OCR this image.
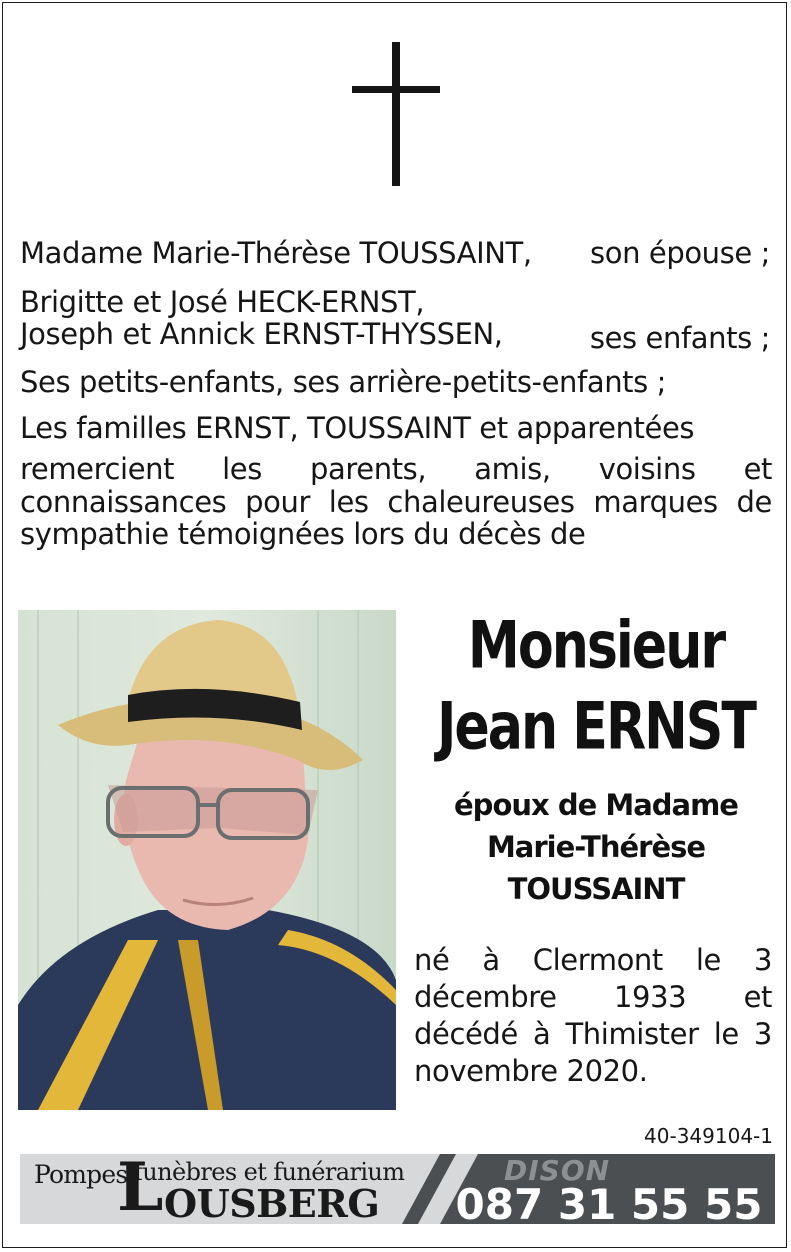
Madame Marie-Thérèse TOUSSAINT, son épouse ;
Brigitte et José HECK-ERNST,
Joseph et Annick ERNST-THYSSEN,	ses enfants ;
Ses petits-enfants, ses arrière-petits-enfants ;
Les familles ERNST, TOUSSAINT et apparentées
remercient les parents, amis, voisins et connaissances pour les chaleureuses marques de sympathie témoignées lors du décès de
Monsieur
Jean ERNST
époux de Madame
Marie-Thérèse
TOUSSAINT
né à Clermont le 3 décembre 1933 et décédé à Thimister le 3 novembre 2020.
40-349104-1
Pompes
L
funèbres et funérarium
OUSBERG
DISON
087 31 55 55
